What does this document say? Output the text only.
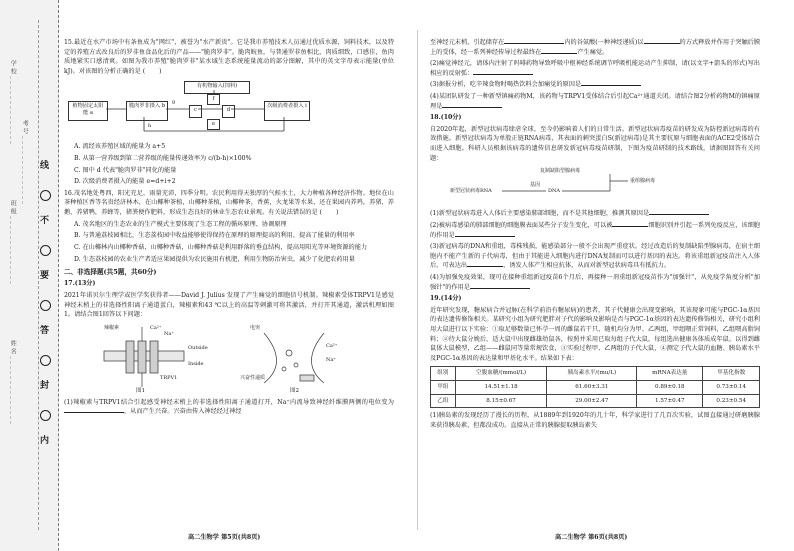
学校______________
班级______________
姓名______________
考号______________ 线
不
要
答
封
内

15.最近在水产市场中有条鱼成为"网红"，被誉为"水产新贵"。它是我市养殖技术人员通过优质水源，饲料技术，以及特定的养殖方式改良后的罗非鱼食品化后的产品——"脆肉罗非"。脆肉鲩鱼，与普通罗非鱼相比，肉质细致，口感佳，鱼肉质地紧实口感清爽。如图为我市养殖"脆肉罗非"某水域生态系统能量流动的部分图解，其中的英文字母表示能量(单位 kJ)。对该图的分析正确的是 ( )

植物固定太阳能 a
脆肉罗非摄入 b
有机物输入(饲料)
次级消费者摄入 i
c	d
f
e
g
h

A. 流经该养殖区域的能量为 a+5

B. 从第一营养级到第二营养级的能量传递效率为 c/(b-h)×100%

C. 图中 d 代表"脆肉罗非"同化的能量

D. 次级消费者摄入的能量 e=d+i+2

16.茂名地处粤西，阳光充足，雨量充沛，四季分明。农民利用得天独厚的气候水土，大力种植各种经济作物。地位在山茶种植区香等名贵经济林木，在山椰种茶植，山椰种茶植，山椰种茶，香蕉，火龙果等水果，还在果园内养鸡，养猪，养鹅，养猪鸭，养蜂等，猪粪便作肥料，形成生态良好的林业生态农业景观。有关说法错误的是 ( )

A. 茂名地区的生态农业的生产模式主要体现了生态工程的循环原理、协调原理

B. 与普通荔枝园相比，生态荔枝园中收益能够使得保持在原理的原理提高的利用，提高了能量的利用率

C. 在山椰林内山椰种香菇，山椰种香菇，山椰种香菇是利用群落的垂直结构，提高用阳光等环境资源的能力

D. 生态荔枝园的农业生产者适应果园提供为农民施用有机肥，利用生物防治害虫，减少了化肥农药用量

二、非选择题(共5题，共60分)

17.(13分)

2021年诺贝尔生理学或医学奖获得者——David J. Julius 发现了产生痛觉的细胞信号机制。辣椒素受体TRPV1是感觉神经末梢上的非选择性阳离子通道蛋白，辣椒素和43 ℃以上的高温等刺激可将其激活，并打开其通道，激活机理如图1。请结合图1回答以下问题：

辣椒素	Ca²⁺
Na⁺
Outside
Inside
TRPV1
图1
电突
Ca²⁺
Na⁺
兴奋性递质
图2

(1)辣椒素与TRPV1结合引起感受神经末梢上的非选择性阳离子通道打开，Na⁺内流导致神经纤维膜两侧的电位变为，从而产生兴奋。兴奋由传入神经经过神经

高二生物学 第5页(共8页)

至神经元末梢，引起储存在	内的谷氨酸(一种神经递质)以	的方式释放并作用于突触后膜上的受体，经一系列神经传导过程最终在	产生痛觉。

(2)痛觉神经元，请体内注射了吗啡药物导致呼吸中枢神经系统调节呼吸机能运动产生抑制，请(以文字+箭头的形式)写出相应的反射弧：

(3)据报分析，吃辛辣食物时喝热饮料会加痛觉的原因是

(4)某团队研发了一种新型镇痛药物M，该药物与TRPV1受体结合后引起Ca²⁺通道关闭。请结合图2分析药物M的镇痛原理是

18.(10分)

自2020年起，新型冠状病毒肆虐全球，至今仍影响着人们的日常生活。新型冠状病毒疫苗的研发成为防控新冠病毒的有效措施。新型冠状病毒为单股正链RNA病毒，其表面的刺突蛋白S(新冠病毒)是其主要抗原与细胞表面的ACE2受体结合而进入细胞。科研人员根据该病毒的遗传信息研发新冠病毒疫苗研制，下图为疫苗研制的技术路线，请据图回答有关问题：

复制缺陷型腺病毒
新型冠状病毒RNA	DNA
重组腺病毒
基因

(1)新型冠状病毒进入人体后主要感染肺部细胞，而不是其他细胞，推测其原因是

(2)被病毒感染的肺部细胞的细胞膜表面某些分子发生变化，可以被	细胞识别并引起一系列免疫反应，该细胞的作用是

(3)新冠病毒的DNA和重组，毒株残损，能感染部分一般不会出现严重症状。经过改造后的复制缺陷型腺病毒，在宿主细胞内不能产生新的子代病毒，但由于其能进入细胞内进行DNA复制而可以进行基因的表达。将该重组新冠疫苗注入人体后，可表达出	，诱发人体产生相应抗体，从而对新型冠状病毒具有抵抗力。

(4)为加强免疫效果，现可在接种重组新冠疫苗6个月后，再接种一剂重组新冠疫苗作为"加强针"，从免疫学角度分析"加强针"的作用是

19.(14分)

近年研究发现，糖尿病合并冠脉(在科学前沿有糖尿病)的患者，其子代健康会出现变影响，其该现象可能与PGC-1α基因的表达遗传修饰相关。某研究小组为研究肥胖对子代的影响及影响是否与PGC-1α基因的表达遗传修饰相关，研究小组利用大鼠进行以下实验：①取足够数量已怀孕一周的雌鼠若干只，随机均分为甲、乙两组，甲组喂正常饲料，乙组喂高脂饲料；②待大鼠分娩后，适大鼠中出现雌雄幼鼠各，按照并采用已取每组子代大鼠，每组选出健康各体质成年鼠。以得到雌鼠体大鼠模型，乙组——雌鼠同等量常规饮食，③实验过程甲、乙两组的子代大鼠，④测定子代大鼠的血糖、胰岛素水平及PGC-1α基因的表达量和甲基化水平。结果如下表：

组别	空腹血糖/(mmol/L)	胰岛素水平/(mu/L)	mRNA表达量	甲基化指数
甲组	14.51±1.18	61.60±3.31	0.89±0.18	0.73±0.14
乙组	8.15±0.67	29.00±2.47	1.57±0.47	0.23±0.54

(1)胰岛素的发现经历了漫长的历程，从1889年到1920年的几十年，科学家进行了几百次实验，试图直接通过研磨胰腺来获得胰岛素，但都没成功。直接从正常的胰腺提取胰岛素失

高二生物学 第6页(共8页)
